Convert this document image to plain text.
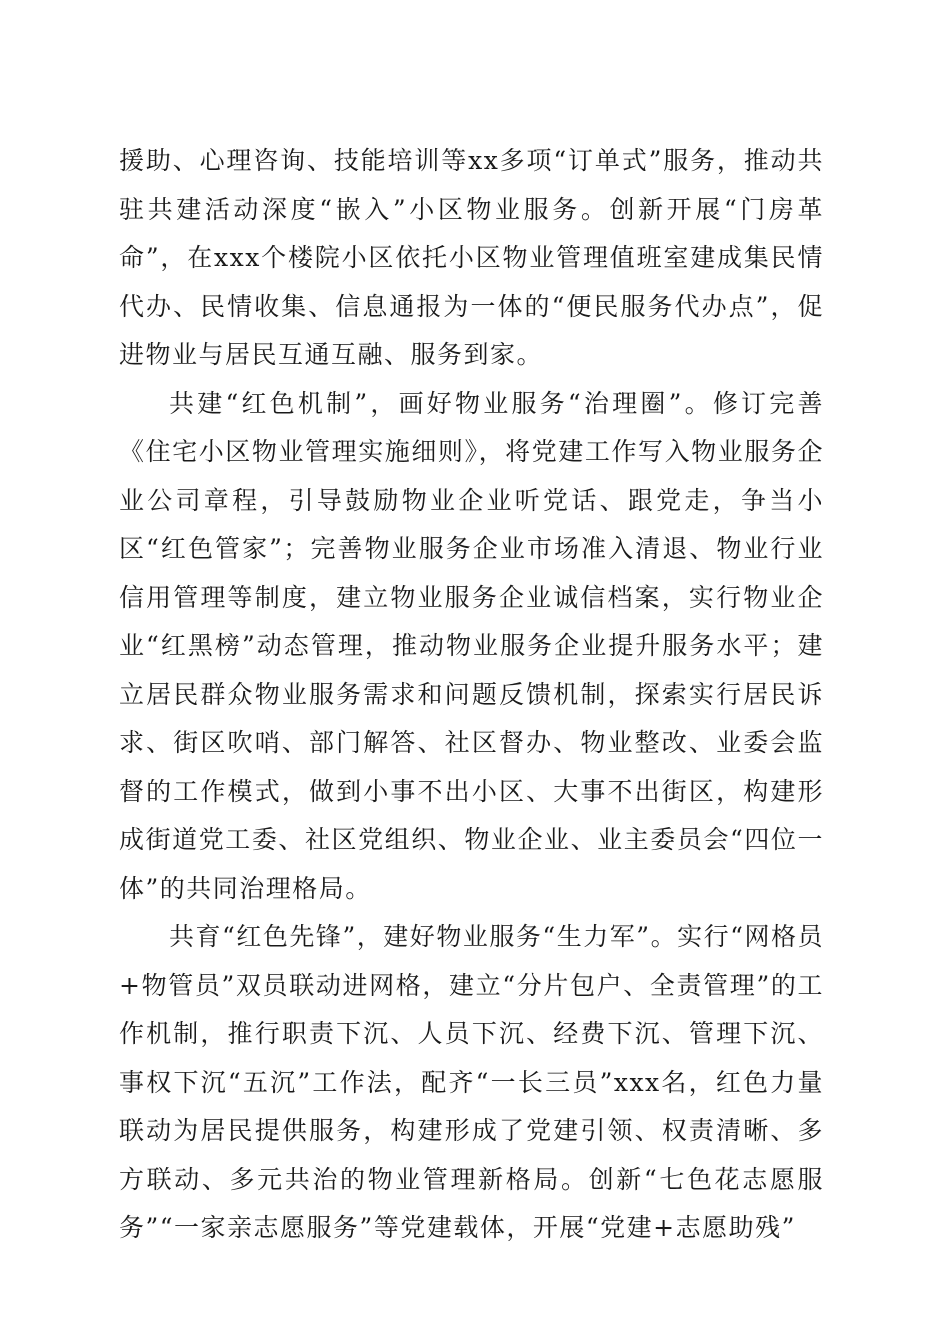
援助、心理咨询、技能培训等xx多项“订单式”服务，推动共驻共建活动深度“嵌入”小区物业服务。创新开展“门房革命”，在xxx个楼院小区依托小区物业管理值班室建成集民情代办、民情收集、信息通报为一体的“便民服务代办点”，促进物业与居民互通互融、服务到家。

共建“红色机制”，画好物业服务“治理圈”。修订完善《住宅小区物业管理实施细则》，将党建工作写入物业服务企业公司章程，引导鼓励物业企业听党话、跟党走，争当小区“红色管家”；完善物业服务企业市场准入清退、物业行业信用管理等制度，建立物业服务企业诚信档案，实行物业企业“红黑榜”动态管理，推动物业服务企业提升服务水平；建立居民群众物业服务需求和问题反馈机制，探索实行居民诉求、街区吹哨、部门解答、社区督办、物业整改、业委会监督的工作模式，做到小事不出小区、大事不出街区，构建形成街道党工委、社区党组织、物业企业、业主委员会“四位一体”的共同治理格局。

共育“红色先锋”，建好物业服务“生力军”。实行“网格员+物管员”双员联动进网格，建立“分片包户、全责管理”的工作机制，推行职责下沉、人员下沉、经费下沉、管理下沉、事权下沉“五沉”工作法，配齐“一长三员”xxx名，红色力量联动为居民提供服务，构建形成了党建引领、权责清晰、多方联动、多元共治的物业管理新格局。创新“七色花志愿服务”“一家亲志愿服务”等党建载体，开展“党建+志愿助残”
